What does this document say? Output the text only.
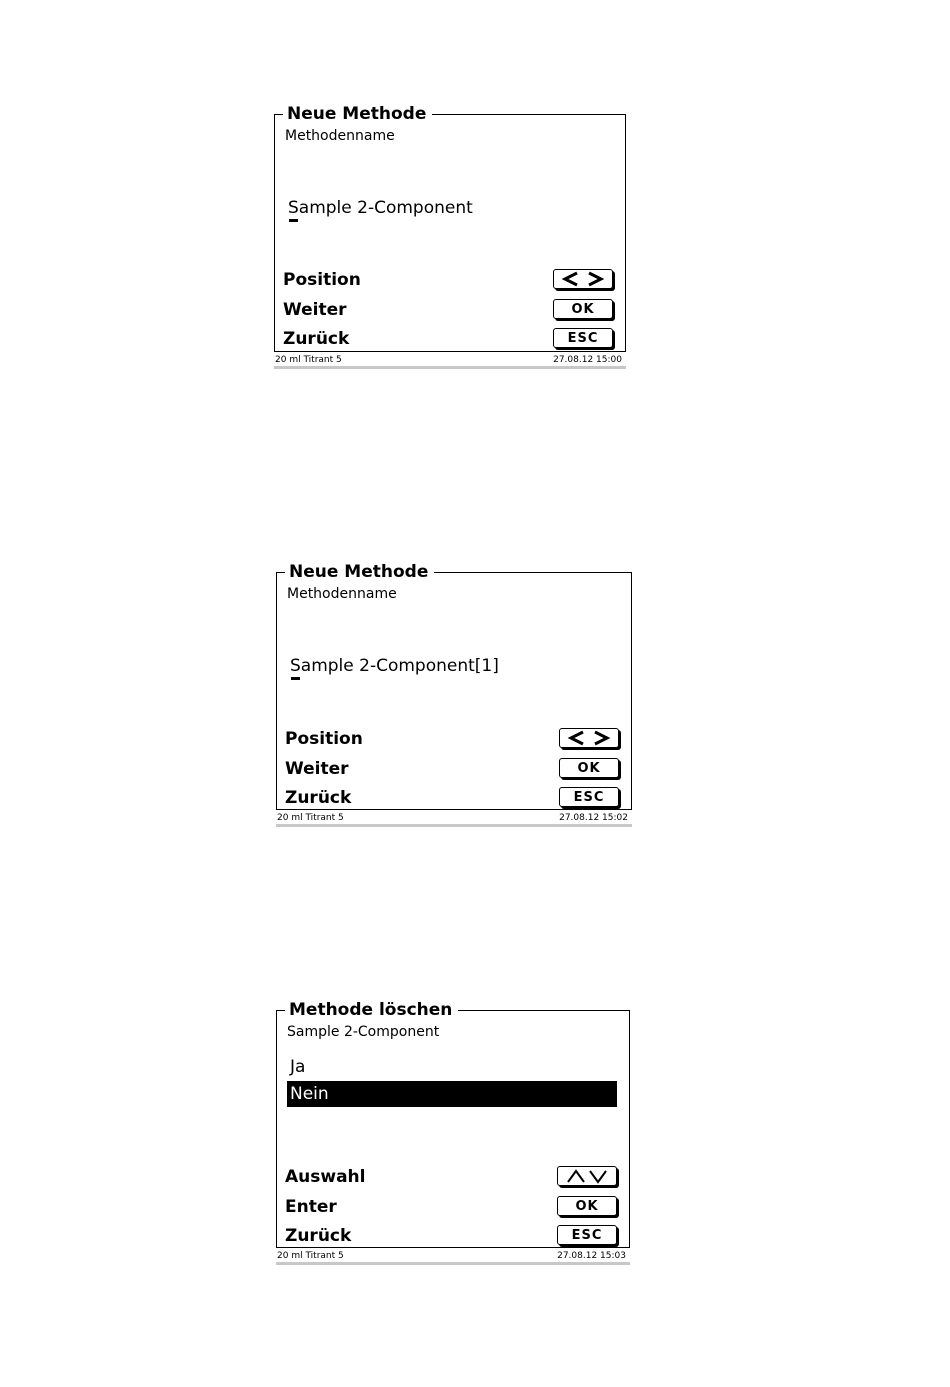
Neue Methode
Methodenname
Sample 2-Component
Position
Weiter	OK
Zurück	ESC
20 ml Titrant 5	27.08.12 15:00
Neue Methode
Methodenname
Sample 2-Component[1]
Position
Weiter	OK
Zurück	ESC
20 ml Titrant 5	27.08.12 15:02
Methode löschen
Sample 2-Component
Ja
Nein
Auswahl
Enter	OK
Zurück	ESC
20 ml Titrant 5	27.08.12 15:03
